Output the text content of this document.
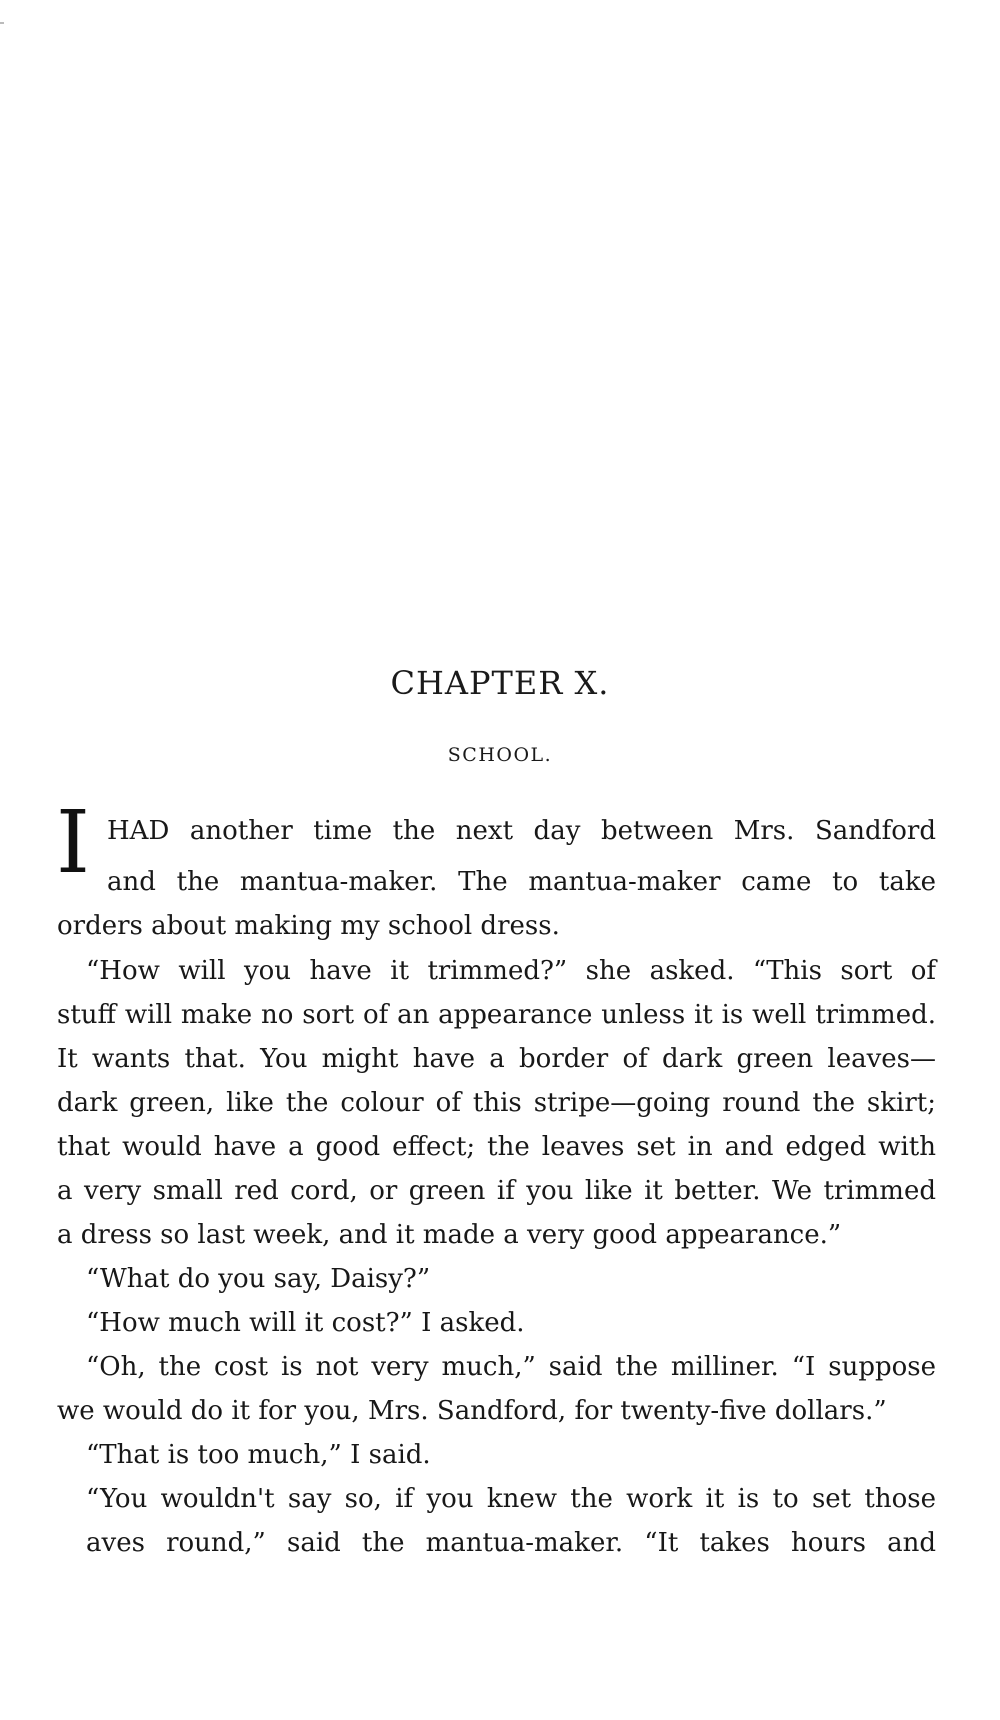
CHAPTER X.
SCHOOL.
I HAD another time the next day between Mrs. Sandford
and the mantua-maker. The mantua-maker came to take
orders about making my school dress.
“How will you have it trimmed?” she asked. “This sort of
stuff will make no sort of an appearance unless it is well trimmed.
It wants that. You might have a border of dark green leaves—
dark green, like the colour of this stripe—going round the skirt;
that would have a good effect; the leaves set in and edged with
a very small red cord, or green if you like it better. We trimmed
a dress so last week, and it made a very good appearance.”
“What do you say, Daisy?”
“How much will it cost?” I asked.
“Oh, the cost is not very much,” said the milliner. “I suppose
we would do it for you, Mrs. Sandford, for twenty-five dollars.”
“That is too much,” I said.
“You wouldn't say so, if you knew the work it is to set those
aves round,” said the mantua-maker. “It takes hours and
